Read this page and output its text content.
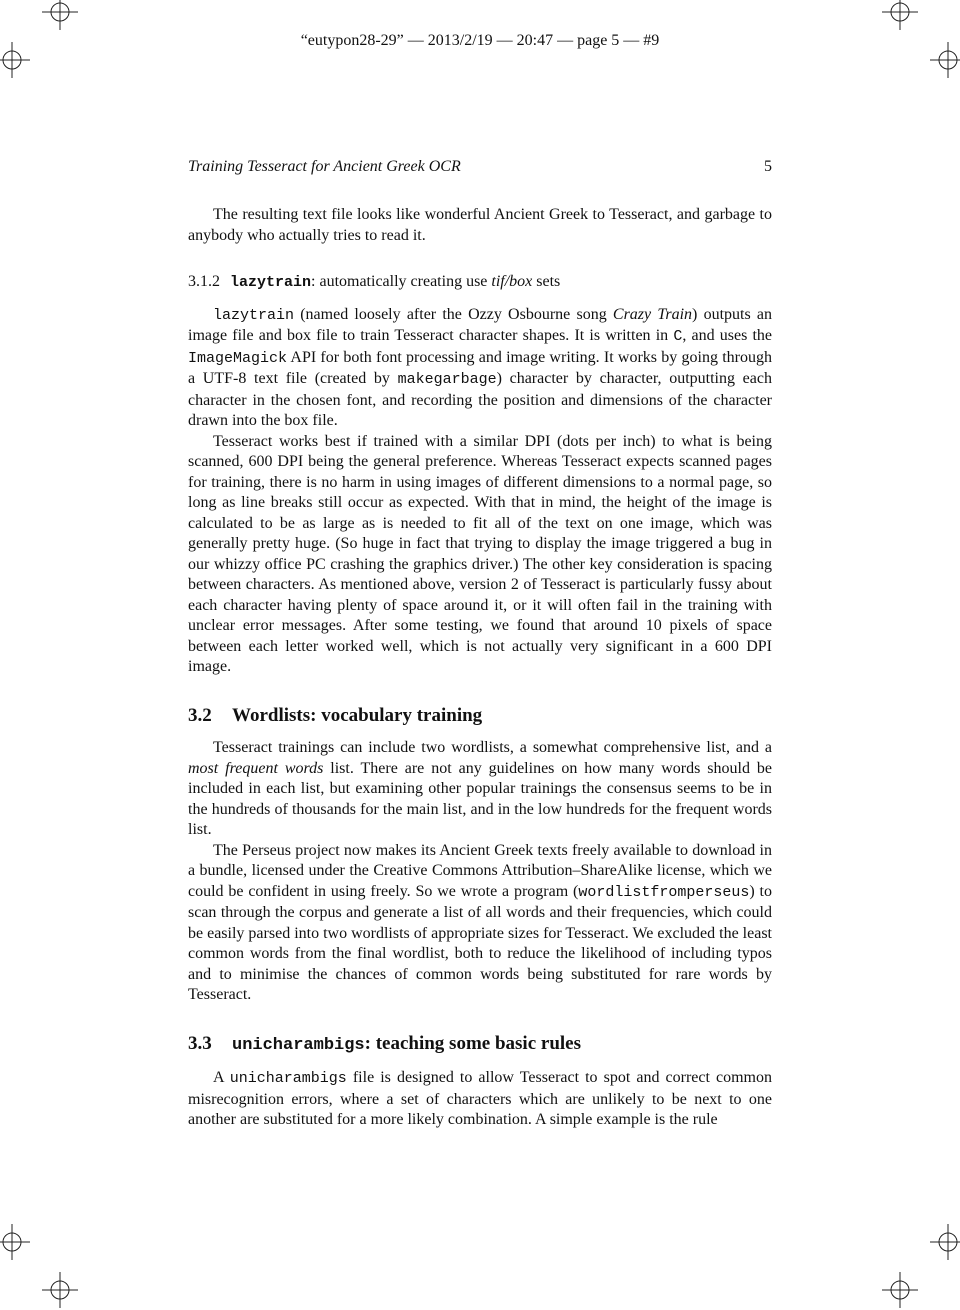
“eutypon28-29” — 2013/2/19 — 20:47 — page 5 — #9
Training Tesseract for Ancient Greek OCR	5

The resulting text file looks like wonderful Ancient Greek to Tesseract, and garbage to anybody who actually tries to read it.

3.1.2 lazytrain: automatically creating use tif/box sets

lazytrain (named loosely after the Ozzy Osbourne song Crazy Train) outputs an image file and box file to train Tesseract character shapes. It is written in C, and uses the ImageMagick API for both font processing and image writing. It works by going through a UTF-8 text file (created by makegarbage) character by character, outputting each character in the chosen font, and recording the position and dimensions of the character drawn into the box file.

Tesseract works best if trained with a similar DPI (dots per inch) to what is being scanned, 600 DPI being the general preference. Whereas Tesseract expects scanned pages for training, there is no harm in using images of different dimensions to a normal page, so long as line breaks still occur as expected. With that in mind, the height of the image is calculated to be as large as is needed to fit all of the text on one image, which was generally pretty huge. (So huge in fact that trying to display the image triggered a bug in our whizzy office PC crashing the graphics driver.) The other key consideration is spacing between characters. As mentioned above, version 2 of Tesseract is particularly fussy about each character having plenty of space around it, or it will often fail in the training with unclear error messages. After some testing, we found that around 10 pixels of space between each letter worked well, which is not actually very significant in a 600 DPI image.

3.2 Wordlists: vocabulary training

Tesseract trainings can include two wordlists, a somewhat comprehensive list, and a most frequent words list. There are not any guidelines on how many words should be included in each list, but examining other popular trainings the consensus seems to be in the hundreds of thousands for the main list, and in the low hundreds for the frequent words list.

The Perseus project now makes its Ancient Greek texts freely available to download in a bundle, licensed under the Creative Commons Attribution–ShareAlike license, which we could be confident in using freely. So we wrote a program (wordlistfromperseus) to scan through the corpus and generate a list of all words and their frequencies, which could be easily parsed into two wordlists of appropriate sizes for Tesseract. We excluded the least common words from the final wordlist, both to reduce the likelihood of including typos and to minimise the chances of common words being substituted for rare words by Tesseract.

3.3 unicharambigs: teaching some basic rules

A unicharambigs file is designed to allow Tesseract to spot and correct common misrecognition errors, where a set of characters which are unlikely to be next to one another are substituted for a more likely combination. A simple example is the rule
